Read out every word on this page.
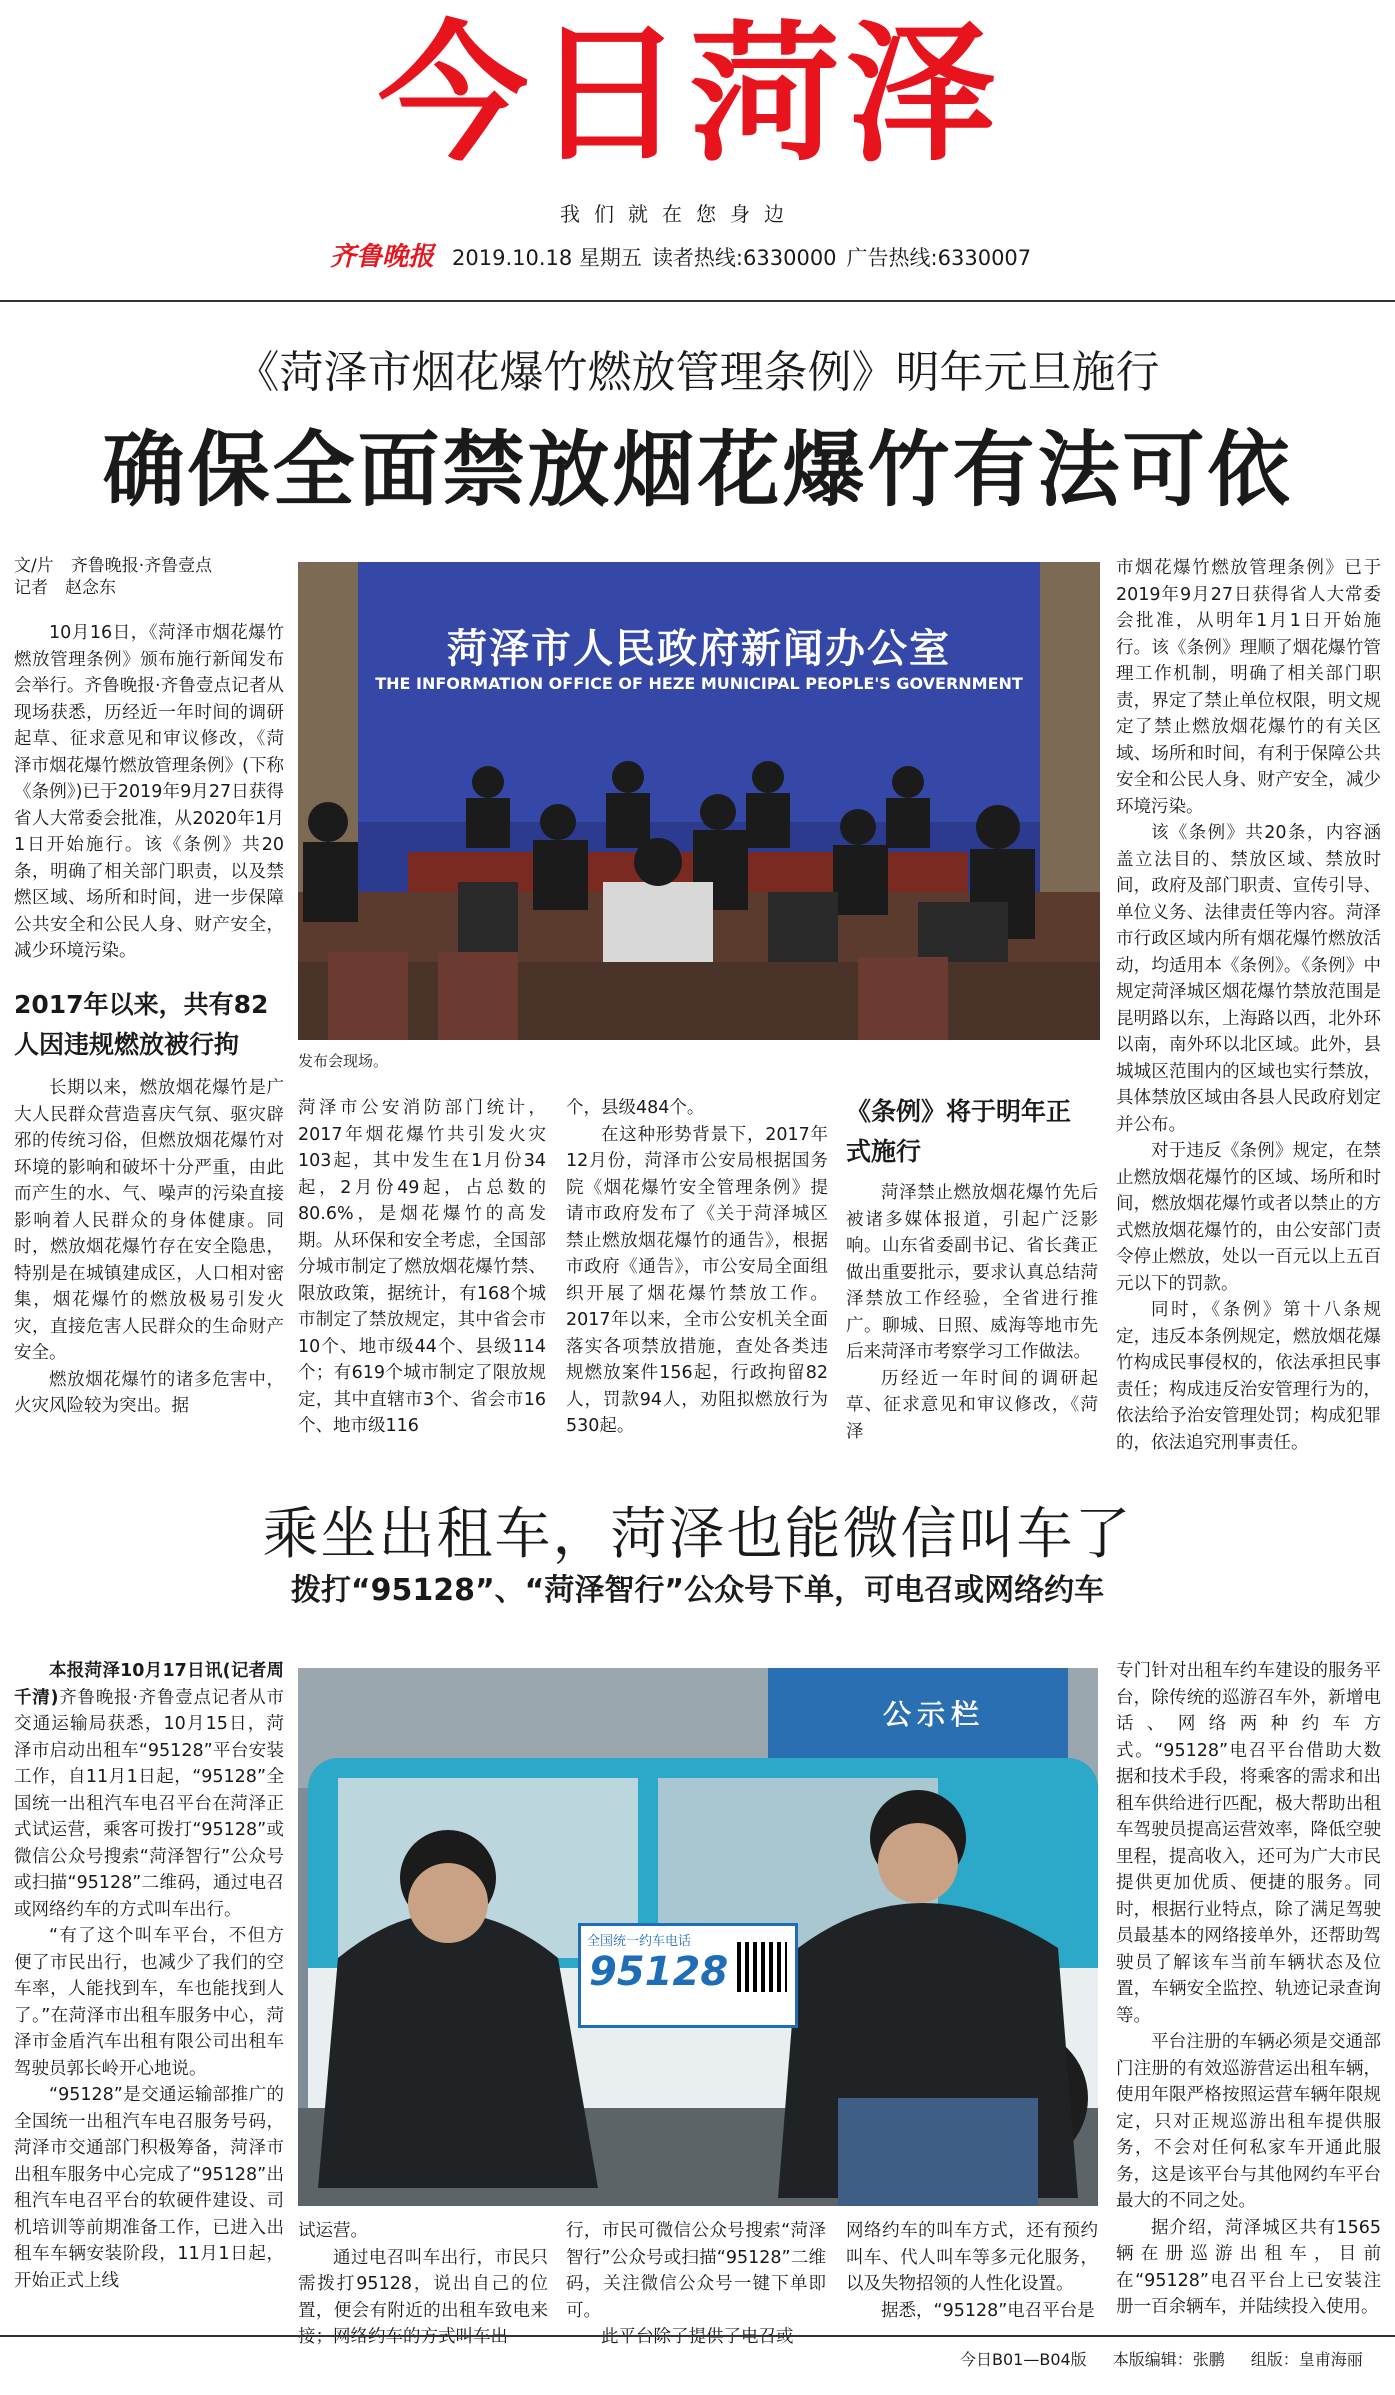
今日菏泽
我们就在您身边
齐鲁晚报 2019.10.18 星期五 读者热线:6330000 广告热线:6330007
《菏泽市烟花爆竹燃放管理条例》明年元旦施行
确保全面禁放烟花爆竹有法可依
文/片　齐鲁晚报·齐鲁壹点
记者　赵念东

10月16日，《菏泽市烟花爆竹燃放管理条例》颁布施行新闻发布会举行。齐鲁晚报·齐鲁壹点记者从现场获悉，历经近一年时间的调研起草、征求意见和审议修改，《菏泽市烟花爆竹燃放管理条例》(下称《条例》)已于2019年9月27日获得省人大常委会批准，从2020年1月1日开始施行。该《条例》共20条，明确了相关部门职责，以及禁燃区域、场所和时间，进一步保障公共安全和公民人身、财产安全，减少环境污染。

2017年以来，共有82人因违规燃放被行拘

长期以来，燃放烟花爆竹是广大人民群众营造喜庆气氛、驱灾辟邪的传统习俗，但燃放烟花爆竹对环境的影响和破坏十分严重，由此而产生的水、气、噪声的污染直接影响着人民群众的身体健康。同时，燃放烟花爆竹存在安全隐患，特别是在城镇建成区，人口相对密集，烟花爆竹的燃放极易引发火灾，直接危害人民群众的生命财产安全。

燃放烟花爆竹的诸多危害中，火灾风险较为突出。据

菏泽市人民政府新闻办公室
THE INFORMATION OFFICE OF HEZE MUNICIPAL PEOPLE'S GOVERNMENT
发布会现场。

菏泽市公安消防部门统计，2017年烟花爆竹共引发火灾103起，其中发生在1月份34起，2月份49起，占总数的80.6%，是烟花爆竹的高发期。从环保和安全考虑，全国部分城市制定了燃放烟花爆竹禁、限放政策，据统计，有168个城市制定了禁放规定，其中省会市10个、地市级44个、县级114个；有619个城市制定了限放规定，其中直辖市3个、省会市16个、地市级116

个，县级484个。

在这种形势背景下，2017年12月份，菏泽市公安局根据国务院《烟花爆竹安全管理条例》提请市政府发布了《关于菏泽城区禁止燃放烟花爆竹的通告》，根据市政府《通告》，市公安局全面组织开展了烟花爆竹禁放工作。2017年以来，全市公安机关全面落实各项禁放措施，查处各类违规燃放案件156起，行政拘留82人，罚款94人，劝阻拟燃放行为530起。

《条例》将于明年正式施行

菏泽禁止燃放烟花爆竹先后被诸多媒体报道，引起广泛影响。山东省委副书记、省长龚正做出重要批示，要求认真总结菏泽禁放工作经验，全省进行推广。聊城、日照、威海等地市先后来菏泽市考察学习工作做法。

历经近一年时间的调研起草、征求意见和审议修改，《菏泽

市烟花爆竹燃放管理条例》已于2019年9月27日获得省人大常委会批准，从明年1月1日开始施行。该《条例》理顺了烟花爆竹管理工作机制，明确了相关部门职责，界定了禁止单位权限，明文规定了禁止燃放烟花爆竹的有关区域、场所和时间，有利于保障公共安全和公民人身、财产安全，减少环境污染。

该《条例》共20条，内容涵盖立法目的、禁放区域、禁放时间，政府及部门职责、宣传引导、单位义务、法律责任等内容。菏泽市行政区域内所有烟花爆竹燃放活动，均适用本《条例》。《条例》中规定菏泽城区烟花爆竹禁放范围是昆明路以东，上海路以西，北外环以南，南外环以北区域。此外，县城城区范围内的区域也实行禁放，具体禁放区域由各县人民政府划定并公布。

对于违反《条例》规定，在禁止燃放烟花爆竹的区域、场所和时间，燃放烟花爆竹或者以禁止的方式燃放烟花爆竹的，由公安部门责令停止燃放，处以一百元以上五百元以下的罚款。

同时，《条例》第十八条规定，违反本条例规定，燃放烟花爆竹构成民事侵权的，依法承担民事责任；构成违反治安管理行为的，依法给予治安管理处罚；构成犯罪的，依法追究刑事责任。

乘坐出租车，菏泽也能微信叫车了
拨打“95128”、“菏泽智行”公众号下单，可电召或网络约车

本报菏泽10月17日讯(记者周千清)齐鲁晚报·齐鲁壹点记者从市交通运输局获悉，10月15日，菏泽市启动出租车“95128”平台安装工作，自11月1日起，“95128”全国统一出租汽车电召平台在菏泽正式试运营，乘客可拨打“95128”或微信公众号搜索“菏泽智行”公众号或扫描“95128”二维码，通过电召或网络约车的方式叫车出行。

“有了这个叫车平台，不但方便了市民出行，也减少了我们的空车率，人能找到车，车也能找到人了。”在菏泽市出租车服务中心，菏泽市金盾汽车出租有限公司出租车驾驶员郭长岭开心地说。

“95128”是交通运输部推广的全国统一出租汽车电召服务号码，菏泽市交通部门积极筹备，菏泽市出租车服务中心完成了“95128”出租汽车电召平台的软硬件建设、司机培训等前期准备工作，已进入出租车车辆安装阶段，11月1日起，开始正式上线

公示栏
全国统一约车电话
95128

试运营。

通过电召叫车出行，市民只需拨打95128，说出自己的位置，便会有附近的出租车致电来接；网络约车的方式叫车出

行，市民可微信公众号搜索“菏泽智行”公众号或扫描“95128”二维码，关注微信公众号一键下单即可。

此平台除了提供了电召或

网络约车的叫车方式，还有预约叫车、代人叫车等多元化服务，以及失物招领的人性化设置。

据悉，“95128”电召平台是

专门针对出租车约车建设的服务平台，除传统的巡游召车外，新增电话、网络两种约车方式。“95128”电召平台借助大数据和技术手段，将乘客的需求和出租车供给进行匹配，极大帮助出租车驾驶员提高运营效率，降低空驶里程，提高收入，还可为广大市民提供更加优质、便捷的服务。同时，根据行业特点，除了满足驾驶员最基本的网络接单外，还帮助驾驶员了解该车当前车辆状态及位置，车辆安全监控、轨迹记录查询等。

平台注册的车辆必须是交通部门注册的有效巡游营运出租车辆，使用年限严格按照运营车辆年限规定，只对正规巡游出租车提供服务，不会对任何私家车开通此服务，这是该平台与其他网约车平台最大的不同之处。

据介绍，菏泽城区共有1565辆在册巡游出租车，目前在“95128”电召平台上已安装注册一百余辆车，并陆续投入使用。

今日B01—B04版 本版编辑：张鹏 组版：皇甫海丽
